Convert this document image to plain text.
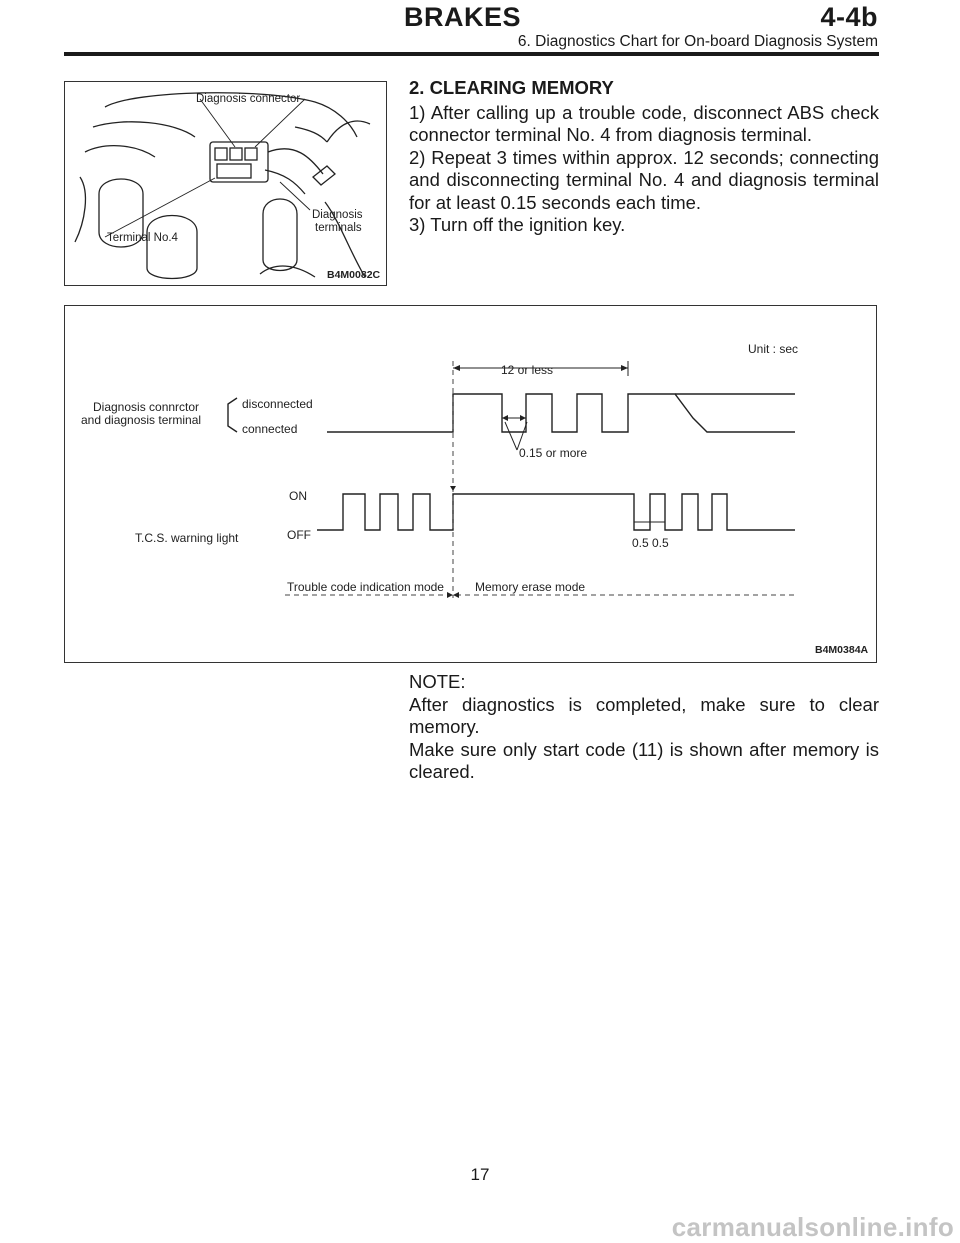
BRAKES	4-4b
6. Diagnostics Chart for On-board Diagnosis System
Diagnosis connector
Terminal No.4
Diagnosis
terminals
B4M0082C
2. CLEARING MEMORY

1) After calling up a trouble code, disconnect ABS check connector terminal No. 4 from diagnosis terminal.

2) Repeat 3 times within approx. 12 seconds; connecting and disconnecting terminal No. 4 and diagnosis terminal for at least 0.15 seconds each time.

3) Turn off the ignition key.

Unit : sec
12 or less
Diagnosis connrctor
and diagnosis terminal
disconnected
connected
0.15 or more
T.C.S. warning light
ON
OFF
0.5 0.5
Trouble code indication mode	Memory erase mode
B4M0384A

NOTE:

After diagnostics is completed, make sure to clear memory.

Make sure only start code (11) is shown after memory is cleared.

17
carmanualsonline.info
